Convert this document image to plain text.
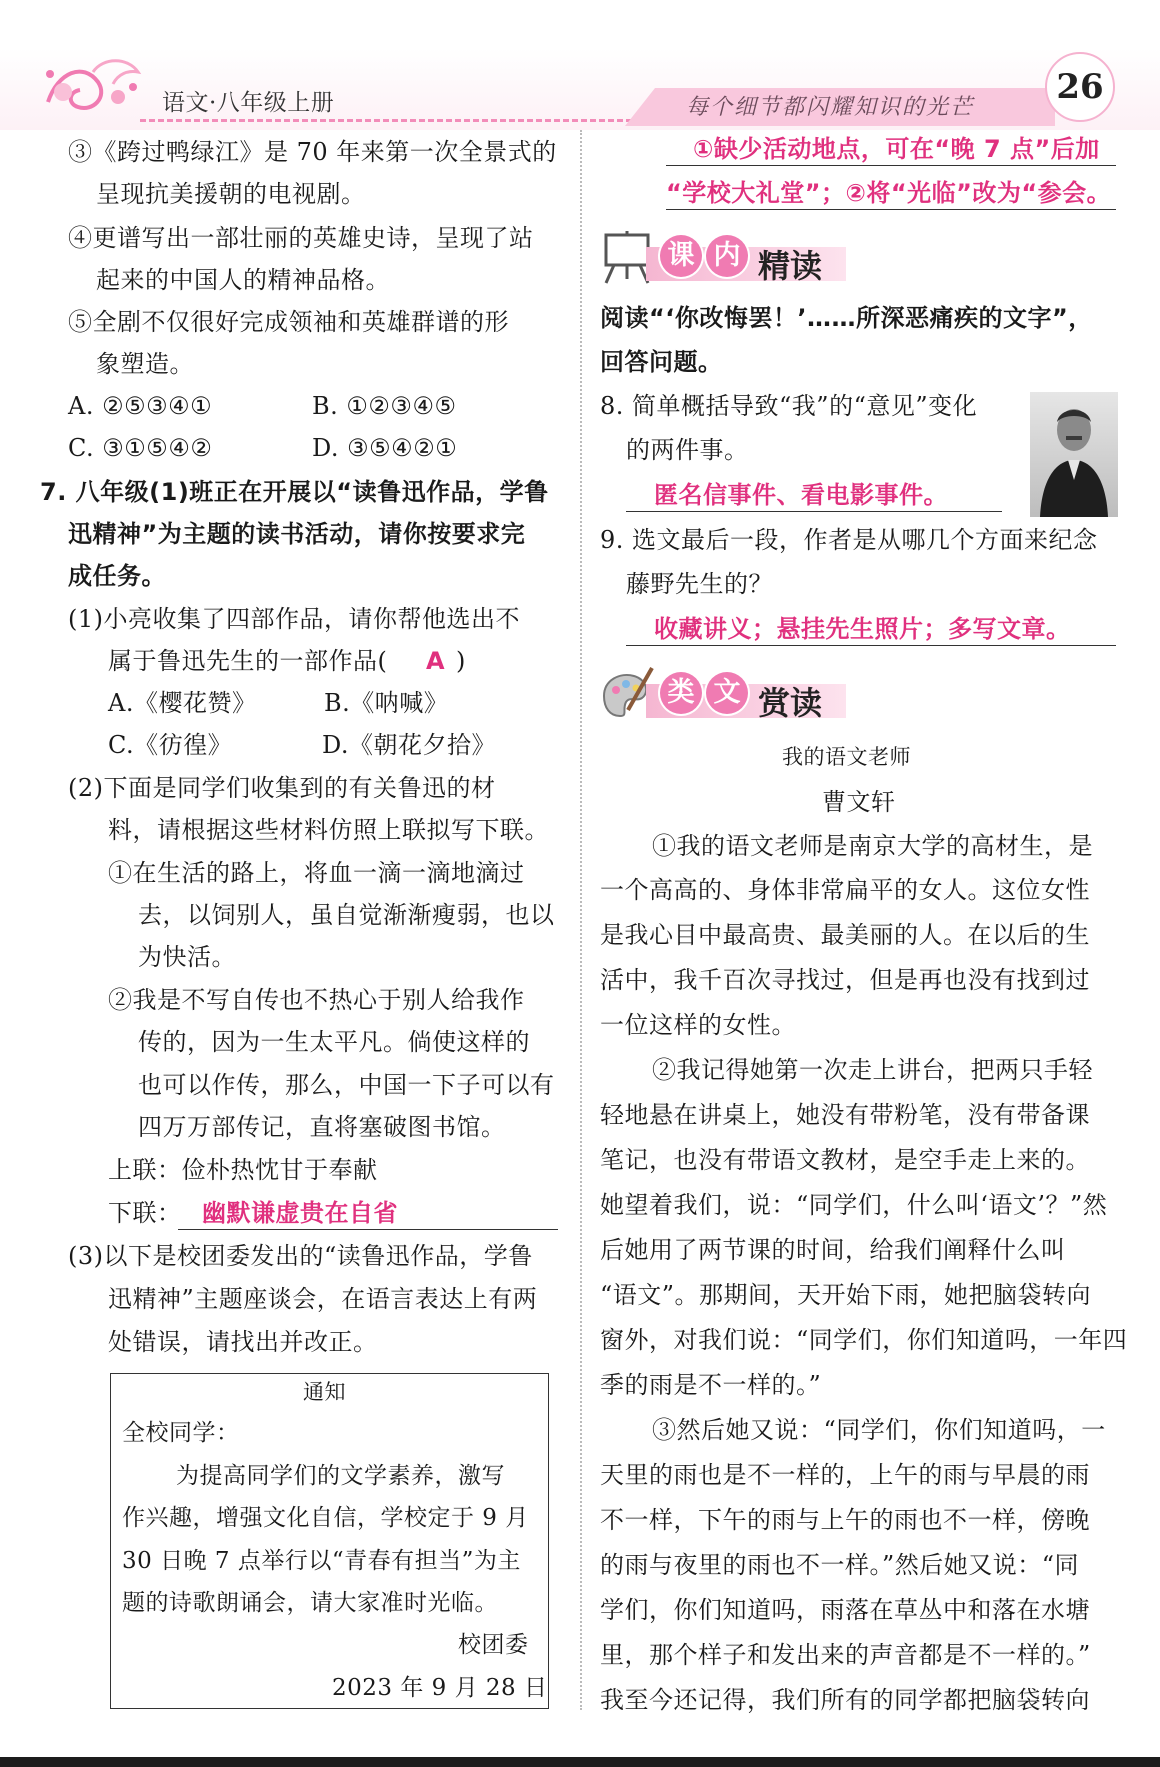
语文·八年级上册	每个细节都闪耀知识的光芒
26
③《跨过鸭绿江》是 70 年来第一次全景式的
呈现抗美援朝的电视剧。
④更谱写出一部壮丽的英雄史诗，呈现了站
起来的中国人的精神品格。
⑤全剧不仅很好完成领袖和英雄群谱的形
象塑造。
A. ②⑤③④①	B. ①②③④⑤
C. ③①⑤④②	D. ③⑤④②①
7. 八年级(1)班正在开展以“读鲁迅作品，学鲁
迅精神”为主题的读书活动，请你按要求完
成任务。
(1)小亮收集了四部作品，请你帮他选出不
属于鲁迅先生的一部作品( A )
A.《樱花赞》	B.《呐喊》
C.《彷徨》	D.《朝花夕拾》
(2)下面是同学们收集到的有关鲁迅的材
料，请根据这些材料仿照上联拟写下联。
①在生活的路上，将血一滴一滴地滴过
去，以饲别人，虽自觉渐渐瘦弱，也以
为快活。
②我是不写自传也不热心于别人给我作
传的，因为一生太平凡。倘使这样的
也可以作传，那么，中国一下子可以有
四万万部传记，直将塞破图书馆。
上联：俭朴热忱甘于奉献
下联： 幽默谦虚贵在自省
(3)以下是校团委发出的“读鲁迅作品，学鲁
迅精神”主题座谈会，在语言表达上有两
处错误，请找出并改正。
通知
全校同学：
为提高同学们的文学素养，激写
作兴趣，增强文化自信，学校定于 9 月
30 日晚 7 点举行以“青春有担当”为主
题的诗歌朗诵会，请大家准时光临。
校团委
2023 年 9 月 28 日
①缺少活动地点，可在“晚 7 点”后加
“学校大礼堂”；②将“光临”改为“参会。
课 内 精读
阅读“‘你改悔罢！’……所深恶痛疾的文字”，
回答问题。
8. 简单概括导致“我”的“意见”变化
的两件事。
匿名信事件、看电影事件。
9. 选文最后一段，作者是从哪几个方面来纪念
藤野先生的？
收藏讲义；悬挂先生照片；多写文章。
类 文 赏读
我的语文老师
曹文轩
①我的语文老师是南京大学的高材生，是
一个高高的、身体非常扁平的女人。这位女性
是我心目中最高贵、最美丽的人。在以后的生
活中，我千百次寻找过，但是再也没有找到过
一位这样的女性。
②我记得她第一次走上讲台，把两只手轻
轻地悬在讲桌上，她没有带粉笔，没有带备课
笔记，也没有带语文教材，是空手走上来的。
她望着我们，说：“同学们，什么叫‘语文’？”然
后她用了两节课的时间，给我们阐释什么叫
“语文”。那期间，天开始下雨，她把脑袋转向
窗外，对我们说：“同学们，你们知道吗，一年四
季的雨是不一样的。”
③然后她又说：“同学们，你们知道吗，一
天里的雨也是不一样的，上午的雨与早晨的雨
不一样，下午的雨与上午的雨也不一样，傍晚
的雨与夜里的雨也不一样。”然后她又说：“同
学们，你们知道吗，雨落在草丛中和落在水塘
里，那个样子和发出来的声音都是不一样的。”
我至今还记得，我们所有的同学都把脑袋转向
